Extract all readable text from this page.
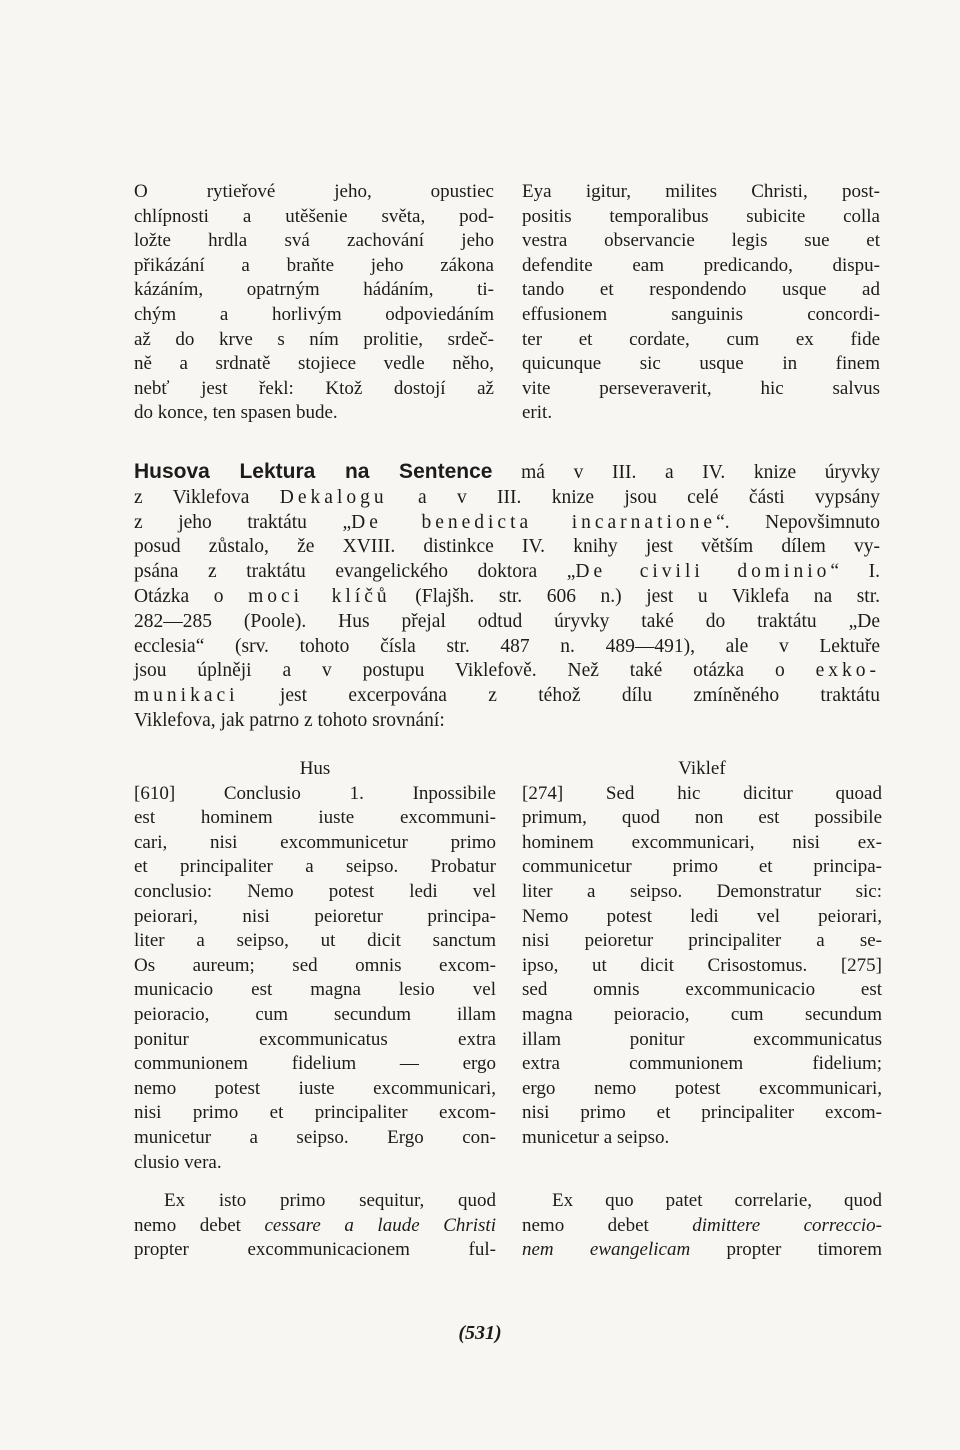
O rytieřové jeho, opustiec
chlípnosti a utěšenie světa, pod-
ložte hrdla svá zachování jeho
přikázání a braňte jeho zákona
kázáním, opatrným hádáním, ti-
chým a horlivým odpoviedáním
až do krve s ním prolitie, srdeč-
ně a srdnatě stojiece vedle něho,
nebť jest řekl: Ktož dostojí až
do konce, ten spasen bude.
Eya igitur, milites Christi, post-
positis temporalibus subicite colla
vestra observancie legis sue et
defendite eam predicando, dispu-
tando et respondendo usque ad
effusionem sanguinis concordi-
ter et cordate, cum ex fide
quicunque sic usque in finem
vite perseveraverit, hic salvus
erit.
Husova Lektura na Sentence má v III. a IV. knize úryvky
z Viklefova Dekalogu a v III. knize jsou celé části vypsány
z jeho traktátu „De benedicta incarnatione“. Nepovšimnuto
posud zůstalo, že XVIII. distinkce IV. knihy jest větším dílem vy-
psána z traktátu evangelického doktora „De civili dominio“ I.
Otázka o moci klíčů (Flajšh. str. 606 n.) jest u Viklefa na str.
282—285 (Poole). Hus přejal odtud úryvky také do traktátu „De
ecclesia“ (srv. tohoto čísla str. 487 n. 489—491), ale v Lektuře
jsou úplněji a v postupu Viklefově. Než také otázka o exko-
munikaci jest excerpována z téhož dílu zmíněného traktátu
Viklefova, jak patrno z tohoto srovnání:
Hus
[610] Conclusio 1. Inpossibile
est hominem iuste excommuni-
cari, nisi excommunicetur primo
et principaliter a seipso. Probatur
conclusio: Nemo potest ledi vel
peiorari, nisi peioretur principa-
liter a seipso, ut dicit sanctum
Os aureum; sed omnis excom-
municacio est magna lesio vel
peioracio, cum secundum illam
ponitur excommunicatus extra
communionem fidelium — ergo
nemo potest iuste excommunicari,
nisi primo et principaliter excom-
municetur a seipso. Ergo con-
clusio vera.
Ex isto primo sequitur, quod
nemo debet cessare a laude Christi
propter excommunicacionem ful-
Viklef
[274] Sed hic dicitur quoad
primum, quod non est possibile
hominem excommunicari, nisi ex-
communicetur primo et principa-
liter a seipso. Demonstratur sic:
Nemo potest ledi vel peiorari,
nisi peioretur principaliter a se-
ipso, ut dicit Crisostomus. [275]
sed omnis excommunicacio est
magna peioracio, cum secundum
illam ponitur excommunicatus
extra communionem fidelium;
ergo nemo potest excommunicari,
nisi primo et principaliter excom-
municetur a seipso.
Ex quo patet correlarie, quod
nemo debet dimittere correccio-
nem ewangelicam propter timorem
(531)
